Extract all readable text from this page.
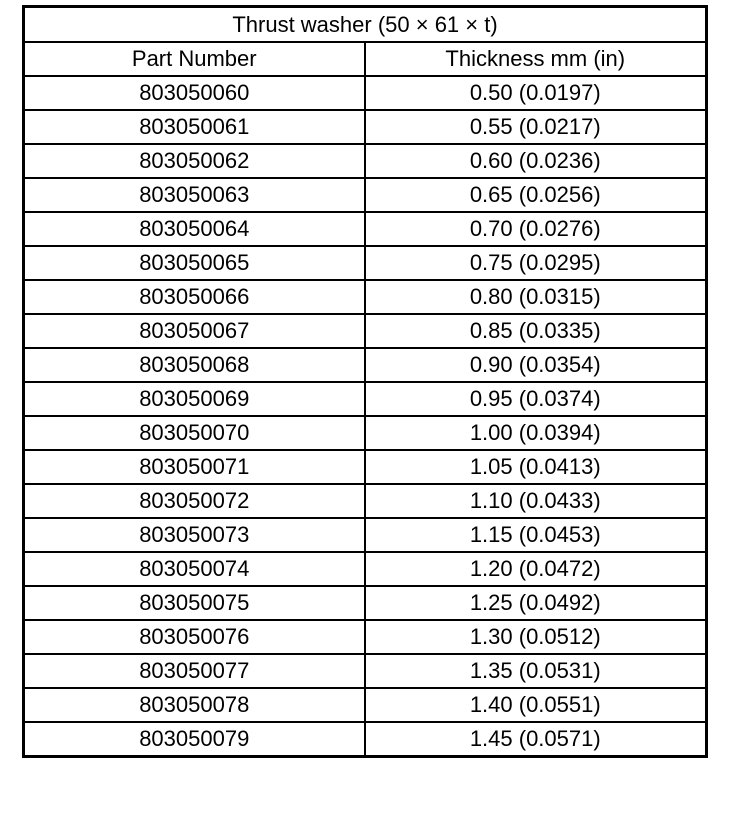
Thrust washer (50 × 61 × t)	
Part Number	Thickness mm (in)
803050060	0.50 (0.0197)
803050061	0.55 (0.0217)
803050062	0.60 (0.0236)
803050063	0.65 (0.0256)
803050064	0.70 (0.0276)
803050065	0.75 (0.0295)
803050066	0.80 (0.0315)
803050067	0.85 (0.0335)
803050068	0.90 (0.0354)
803050069	0.95 (0.0374)
803050070	1.00 (0.0394)
803050071	1.05 (0.0413)
803050072	1.10 (0.0433)
803050073	1.15 (0.0453)
803050074	1.20 (0.0472)
803050075	1.25 (0.0492)
803050076	1.30 (0.0512)
803050077	1.35 (0.0531)
803050078	1.40 (0.0551)
803050079	1.45 (0.0571)
